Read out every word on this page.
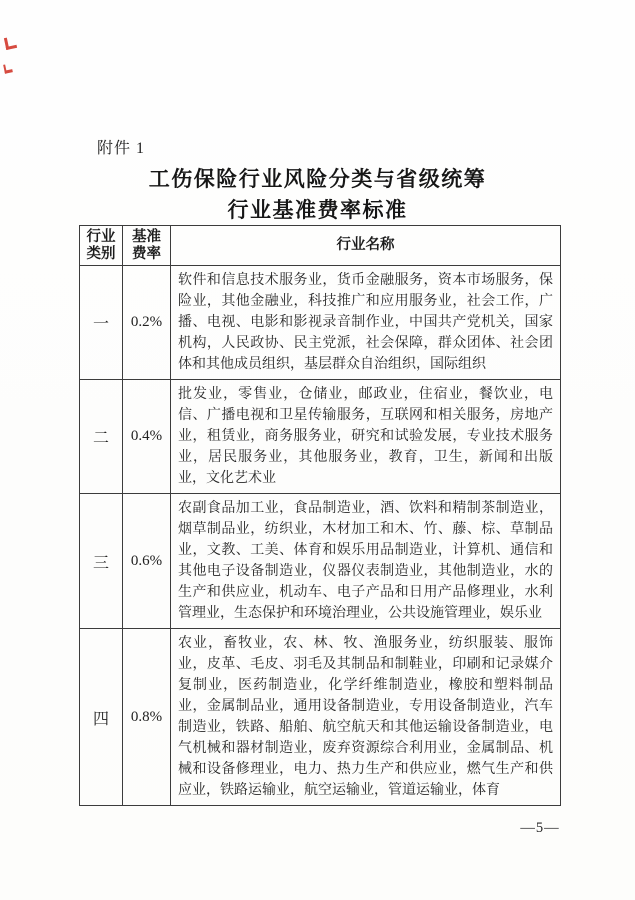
附件 1
工伤保险行业风险分类与省级统筹
行业基准费率标准
行业类别	基准费率	行业名称
一	0.2%	软件和信息技术服务业，货币金融服务，资本市场服务，保险业，其他金融业，科技推广和应用服务业，社会工作，广播、电视、电影和影视录音制作业，中国共产党机关，国家机构，人民政协、民主党派，社会保障，群众团体、社会团体和其他成员组织，基层群众自治组织，国际组织
二	0.4%	批发业，零售业，仓储业，邮政业，住宿业，餐饮业，电信、广播电视和卫星传输服务，互联网和相关服务，房地产业，租赁业，商务服务业，研究和试验发展，专业技术服务业，居民服务业，其他服务业，教育，卫生，新闻和出版业，文化艺术业
三	0.6%	农副食品加工业，食品制造业，酒、饮料和精制茶制造业，烟草制品业，纺织业，木材加工和木、竹、藤、棕、草制品业，文教、工美、体育和娱乐用品制造业，计算机、通信和其他电子设备制造业，仪器仪表制造业，其他制造业，水的生产和供应业，机动车、电子产品和日用产品修理业，水利管理业，生态保护和环境治理业，公共设施管理业，娱乐业
四	0.8%	农业，畜牧业，农、林、牧、渔服务业，纺织服装、服饰业，皮革、毛皮、羽毛及其制品和制鞋业，印刷和记录媒介复制业，医药制造业，化学纤维制造业，橡胶和塑料制品业，金属制品业，通用设备制造业，专用设备制造业，汽车制造业，铁路、船舶、航空航天和其他运输设备制造业，电气机械和器材制造业，废弃资源综合利用业，金属制品、机械和设备修理业，电力、热力生产和供应业，燃气生产和供应业，铁路运输业，航空运输业，管道运输业，体育
—5—
